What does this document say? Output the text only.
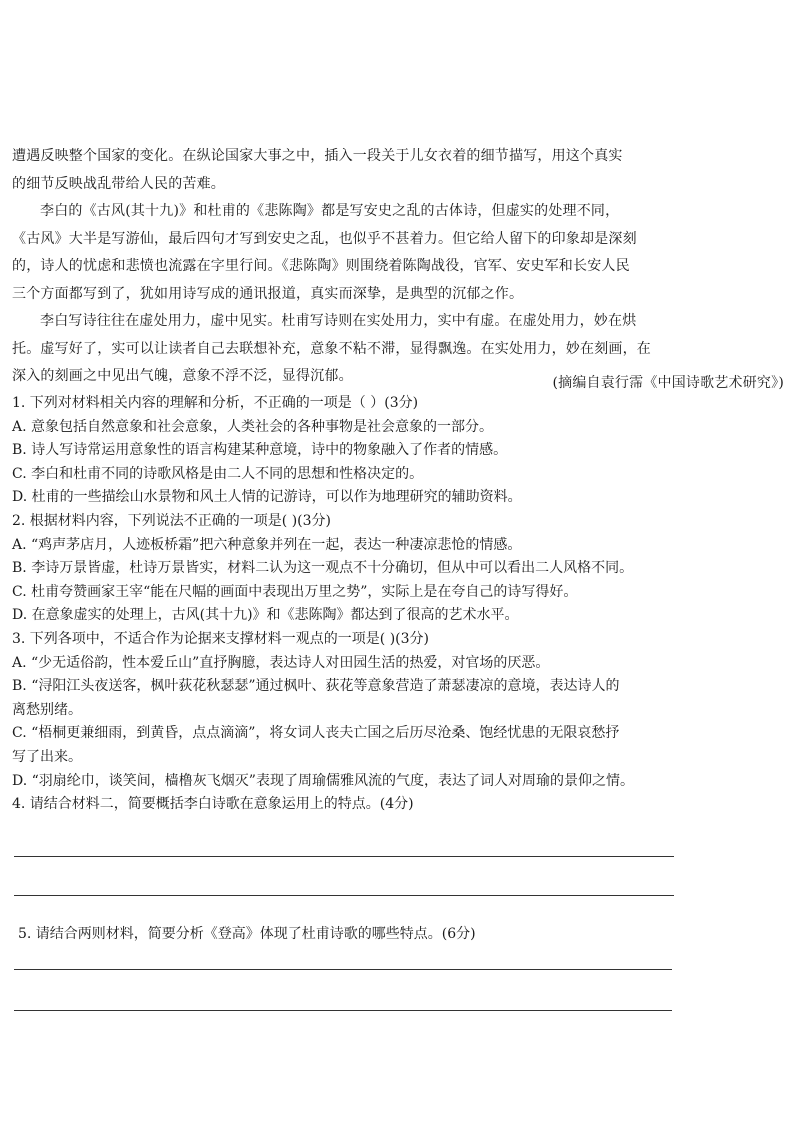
遭遇反映整个国家的变化。在纵论国家大事之中，插入一段关于儿女衣着的细节描写，用这个真实

的细节反映战乱带给人民的苦难。

李白的《古风(其十九)》和杜甫的《悲陈陶》都是写安史之乱的古体诗，但虚实的处理不同，

《古风》大半是写游仙，最后四句才写到安史之乱，也似乎不甚着力。但它给人留下的印象却是深刻

的，诗人的忧虑和悲愤也流露在字里行间。《悲陈陶》则围绕着陈陶战役，官军、安史军和长安人民

三个方面都写到了，犹如用诗写成的通讯报道，真实而深挚，是典型的沉郁之作。

李白写诗往往在虚处用力，虚中见实。杜甫写诗则在实处用力，实中有虚。在虚处用力，妙在烘

托。虚写好了，实可以让读者自己去联想补充，意象不粘不滞，显得飘逸。在实处用力，妙在刻画，在

深入的刻画之中见出气魄，意象不浮不泛，显得沉郁。	(摘编自袁行霈《中国诗歌艺术研究》)

1. 下列对材料相关内容的理解和分析，不正确的一项是（ ）(3分)

A. 意象包括自然意象和社会意象，人类社会的各种事物是社会意象的一部分。

B. 诗人写诗常运用意象性的语言构建某种意境，诗中的物象融入了作者的情感。

C. 李白和杜甫不同的诗歌风格是由二人不同的思想和性格决定的。

D. 杜甫的一些描绘山水景物和风土人情的记游诗，可以作为地理研究的辅助资料。

2. 根据材料内容，下列说法不正确的一项是( )(3分)

A. “鸡声茅店月，人迹板桥霜”把六种意象并列在一起，表达一种凄凉悲怆的情感。

B. 李诗万景皆虚，杜诗万景皆实，材料二认为这一观点不十分确切，但从中可以看出二人风格不同。

C. 杜甫夸赞画家王宰“能在尺幅的画面中表现出万里之势”，实际上是在夸自己的诗写得好。

D. 在意象虚实的处理上，古风(其十九)》和《悲陈陶》都达到了很高的艺术水平。

3. 下列各项中，不适合作为论据来支撑材料一观点的一项是( )(3分)

A. “少无适俗韵，性本爱丘山”直抒胸臆，表达诗人对田园生活的热爱，对官场的厌恶。

B. “浔阳江头夜送客，枫叶荻花秋瑟瑟”通过枫叶、荻花等意象营造了萧瑟凄凉的意境，表达诗人的

离愁别绪。

C. “梧桐更兼细雨，到黄昏，点点滴滴”，将女词人丧夫亡国之后历尽沧桑、饱经忧患的无限哀愁抒

写了出来。

D. “羽扇纶巾，谈笑间，樯橹灰飞烟灭”表现了周瑜儒雅风流的气度，表达了词人对周瑜的景仰之情。

4. 请结合材料二，简要概括李白诗歌在意象运用上的特点。(4分)

5. 请结合两则材料，简要分析《登高》体现了杜甫诗歌的哪些特点。(6分)
